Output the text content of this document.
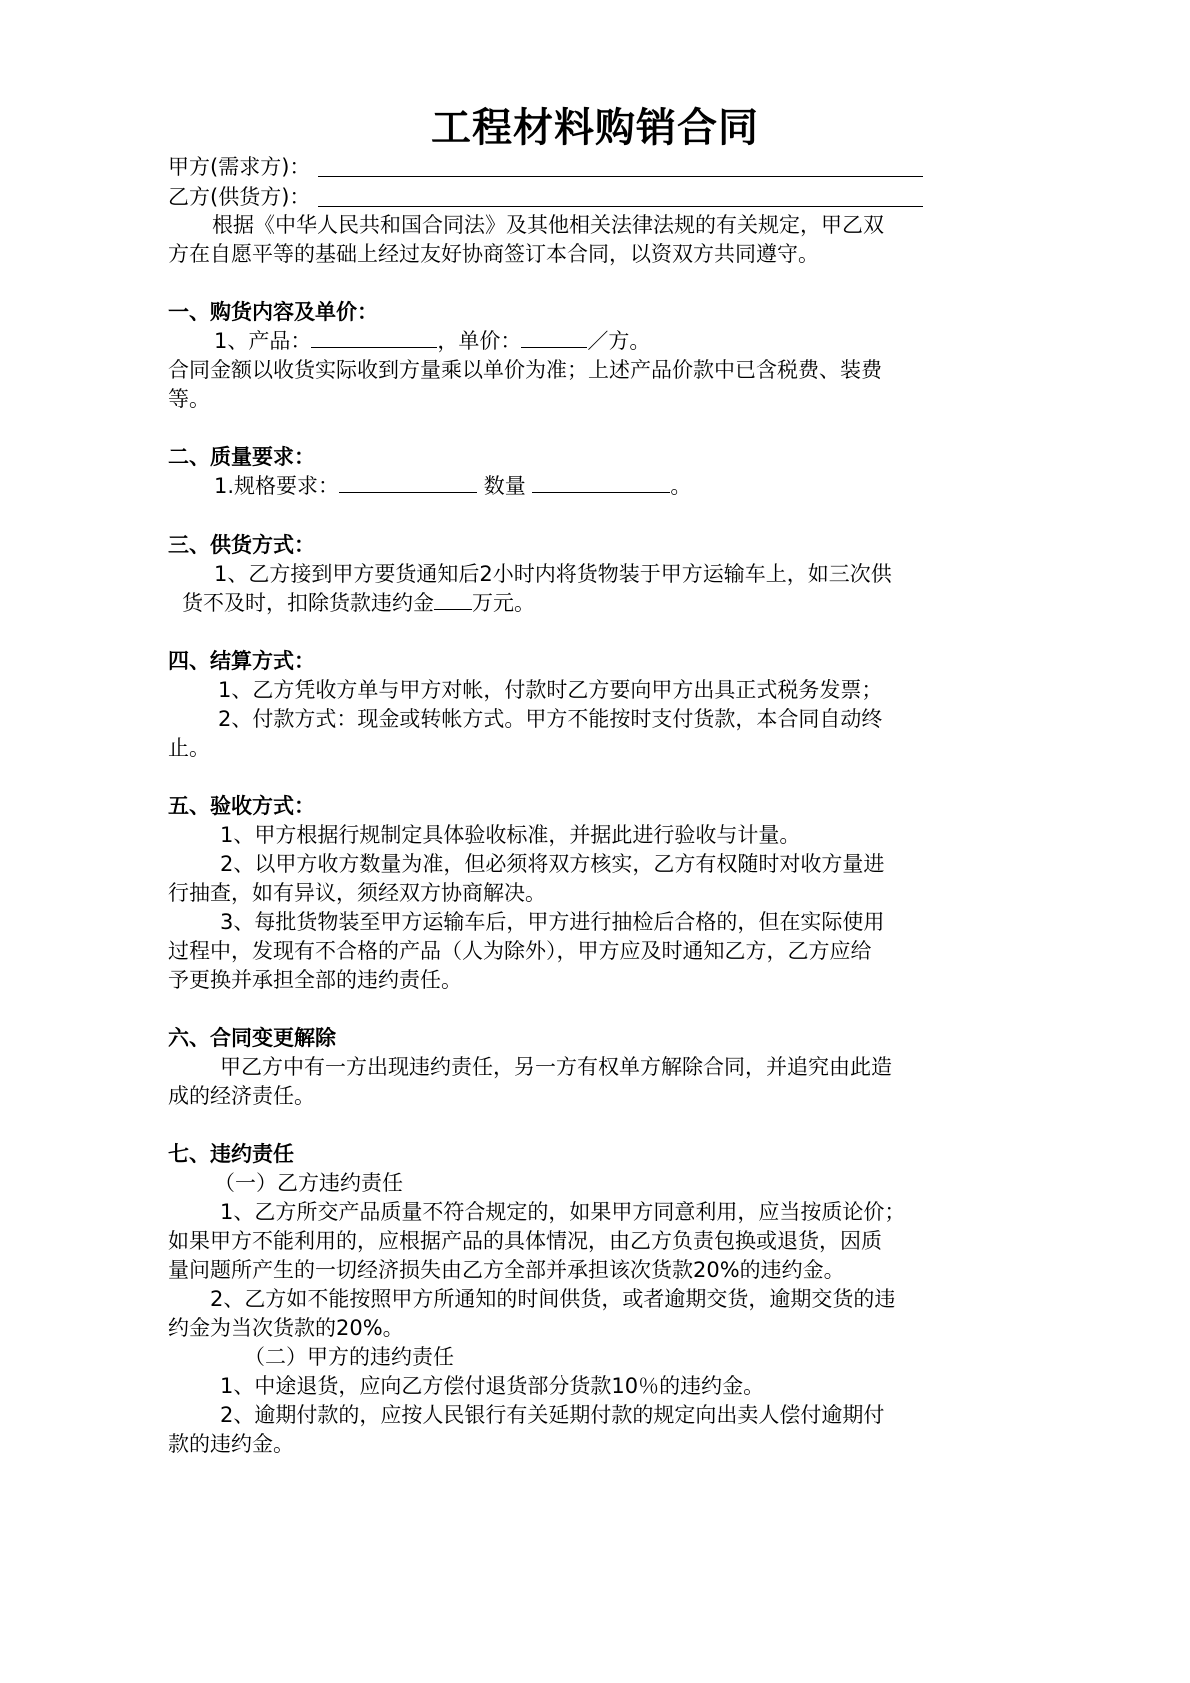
工程材料购销合同
甲方(需求方)：
乙方(供货方)：
根据《中华人民共和国合同法》及其他相关法律法规的有关规定，甲乙双
方在自愿平等的基础上经过友好协商签订本合同，以资双方共同遵守。
一、购货内容及单价：
1、产品：	，单价：	／方。
合同金额以收货实际收到方量乘以单价为准；上述产品价款中已含税费、装费
等。
二、质量要求：
1.规格要求：	数量	。
三、供货方式：
1、乙方接到甲方要货通知后2小时内将货物装于甲方运输车上，如三次供
货不及时，扣除货款违约金 万元。
四、结算方式：
1、乙方凭收方单与甲方对帐，付款时乙方要向甲方出具正式税务发票；
2、付款方式：现金或转帐方式。甲方不能按时支付货款，本合同自动终
止。
五、验收方式：
1、甲方根据行规制定具体验收标准，并据此进行验收与计量。
2、以甲方收方数量为准，但必须将双方核实，乙方有权随时对收方量进
行抽查，如有异议，须经双方协商解决。
3、每批货物装至甲方运输车后，甲方进行抽检后合格的，但在实际使用
过程中，发现有不合格的产品（人为除外），甲方应及时通知乙方，乙方应给
予更换并承担全部的违约责任。
六、合同变更解除
甲乙方中有一方出现违约责任，另一方有权单方解除合同，并追究由此造
成的经济责任。
七、违约责任
（一）乙方违约责任
1、乙方所交产品质量不符合规定的，如果甲方同意利用，应当按质论价；
如果甲方不能利用的，应根据产品的具体情况，由乙方负责包换或退货，因质
量问题所产生的一切经济损失由乙方全部并承担该次货款20%的违约金。
2、乙方如不能按照甲方所通知的时间供货，或者逾期交货，逾期交货的违
约金为当次货款的20%。
（二）甲方的违约责任
1、中途退货，应向乙方偿付退货部分货款10％的违约金。
2、逾期付款的，应按人民银行有关延期付款的规定向出卖人偿付逾期付
款的违约金。
